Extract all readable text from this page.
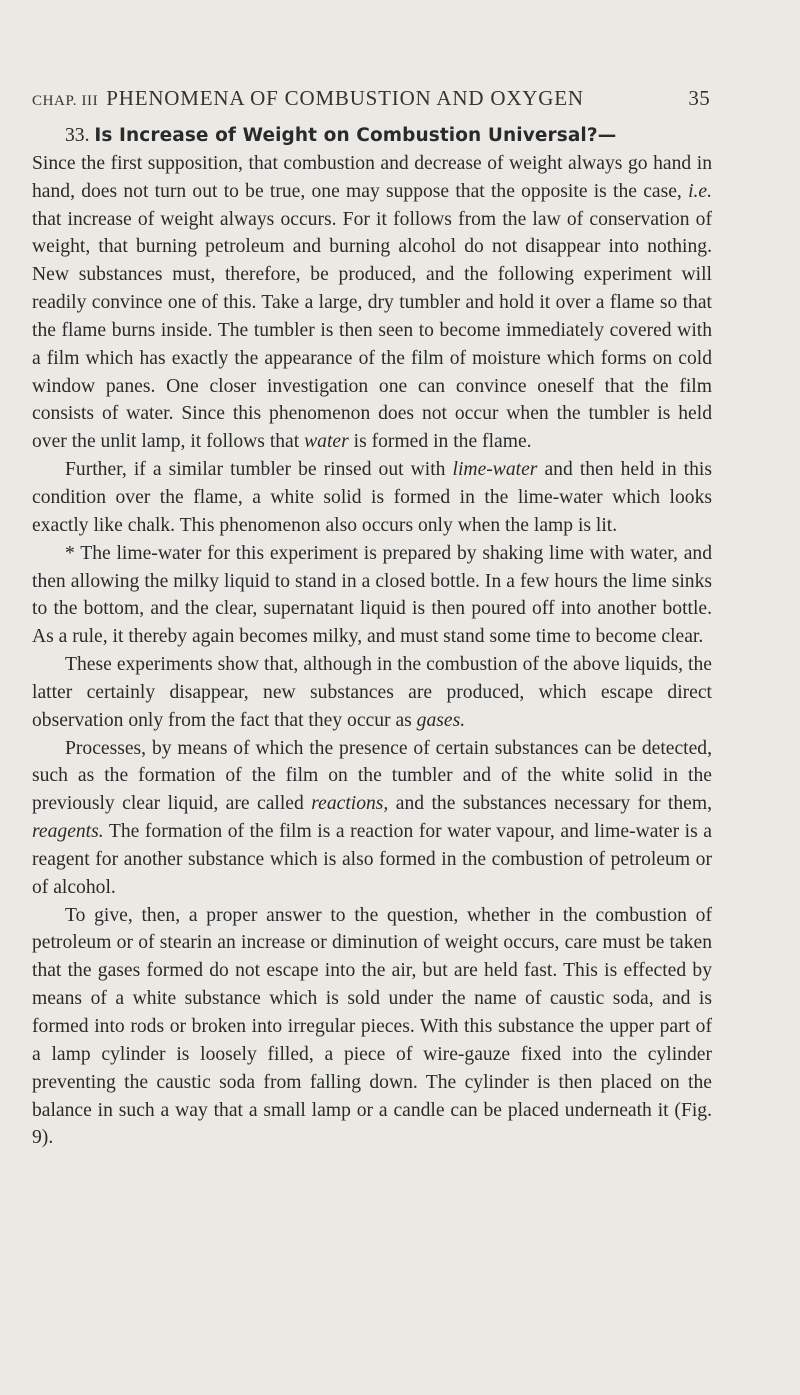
CHAP. III PHENOMENA OF COMBUSTION AND OXYGEN	35

33. Is Increase of Weight on Combustion Universal?—

Since the first supposition, that combustion and decrease of weight always go hand in hand, does not turn out to be true, one may suppose that the opposite is the case, i.e. that increase of weight always occurs. For it follows from the law of conservation of weight, that burning petroleum and burning alcohol do not disappear into nothing. New substances must, therefore, be produced, and the following experiment will readily convince one of this. Take a large, dry tumbler and hold it over a flame so that the flame burns inside. The tumbler is then seen to become immediately covered with a film which has exactly the appearance of the film of moisture which forms on cold window panes. One closer investigation one can convince oneself that the film consists of water. Since this phenomenon does not occur when the tumbler is held over the unlit lamp, it follows that water is formed in the flame.

Further, if a similar tumbler be rinsed out with lime-water and then held in this condition over the flame, a white solid is formed in the lime-water which looks exactly like chalk. This phenomenon also occurs only when the lamp is lit.

* The lime-water for this experiment is prepared by shaking lime with water, and then allowing the milky liquid to stand in a closed bottle. In a few hours the lime sinks to the bottom, and the clear, supernatant liquid is then poured off into another bottle. As a rule, it thereby again becomes milky, and must stand some time to become clear.

These experiments show that, although in the combustion of the above liquids, the latter certainly disappear, new substances are produced, which escape direct observation only from the fact that they occur as gases.

Processes, by means of which the presence of certain substances can be detected, such as the formation of the film on the tumbler and of the white solid in the previously clear liquid, are called reactions, and the substances necessary for them, reagents. The formation of the film is a reaction for water vapour, and lime-water is a reagent for another substance which is also formed in the combustion of petroleum or of alcohol.

To give, then, a proper answer to the question, whether in the combustion of petroleum or of stearin an increase or diminution of weight occurs, care must be taken that the gases formed do not escape into the air, but are held fast. This is effected by means of a white substance which is sold under the name of caustic soda, and is formed into rods or broken into irregular pieces. With this substance the upper part of a lamp cylinder is loosely filled, a piece of wire-gauze fixed into the cylinder preventing the caustic soda from falling down. The cylinder is then placed on the balance in such a way that a small lamp or a candle can be placed underneath it (Fig. 9).
